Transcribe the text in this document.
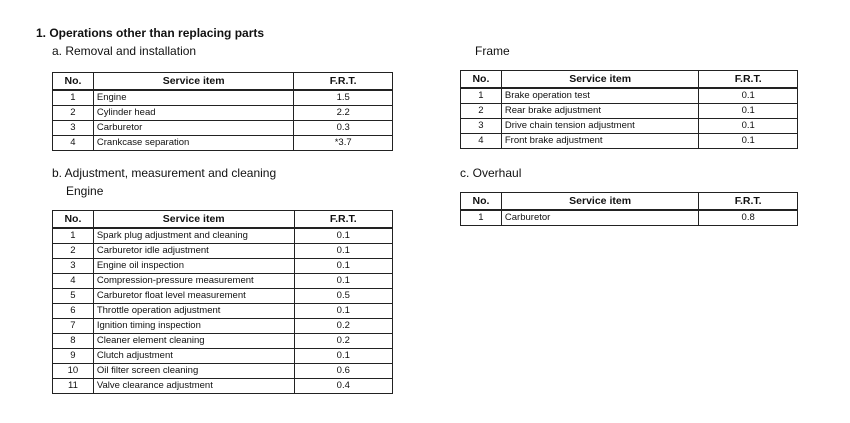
1. Operations other than replacing parts
a. Removal and installation
b. Adjustment, measurement and cleaning
Engine
Frame
c. Overhaul
No.	Service item	F.R.T.
1	Engine	1.5
2	Cylinder head	2.2
3	Carburetor	0.3
4	Crankcase separation	*3.7
No.	Service item	F.R.T.
1	Spark plug adjustment and cleaning	0.1
2	Carburetor idle adjustment	0.1
3	Engine oil inspection	0.1
4	Compression-pressure measurement	0.1
5	Carburetor float level measurement	0.5
6	Throttle operation adjustment	0.1
7	Ignition timing inspection	0.2
8	Cleaner element cleaning	0.2
9	Clutch adjustment	0.1
10	Oil filter screen cleaning	0.6
11	Valve clearance adjustment	0.4
No.	Service item	F.R.T.
1	Brake operation test	0.1
2	Rear brake adjustment	0.1
3	Drive chain tension adjustment	0.1
4	Front brake adjustment	0.1
No.	Service item	F.R.T.
1	Carburetor	0.8
